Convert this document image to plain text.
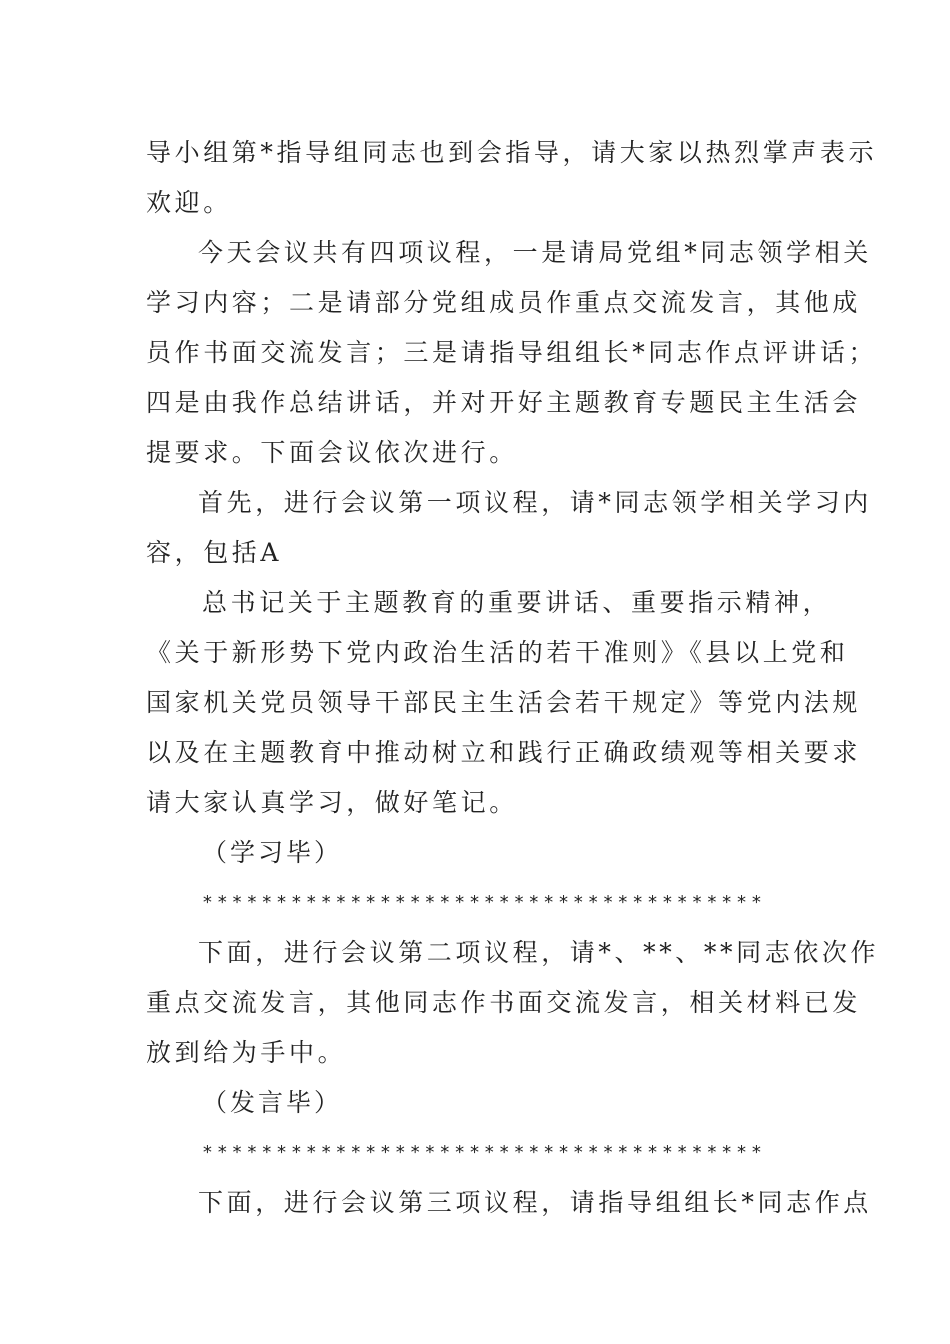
导小组第*指导组同志也到会指导，请大家以热烈掌声表示
欢迎。
今天会议共有四项议程，一是请局党组*同志领学相关
学习内容；二是请部分党组成员作重点交流发言，其他成
员作书面交流发言；三是请指导组组长*同志作点评讲话；
四是由我作总结讲话，并对开好主题教育专题民主生活会
提要求。下面会议依次进行。
首先，进行会议第一项议程，请*同志领学相关学习内
容，包括A
总书记关于主题教育的重要讲话、重要指示精神，
《关于新形势下党内政治生活的若干准则》《县以上党和
国家机关党员领导干部民主生活会若干规定》等党内法规
以及在主题教育中推动树立和践行正确政绩观等相关要求
请大家认真学习，做好笔记。
（学习毕）
**************************************
下面，进行会议第二项议程，请*、**、**同志依次作
重点交流发言，其他同志作书面交流发言，相关材料已发
放到给为手中。
（发言毕）
**************************************
下面，进行会议第三项议程，请指导组组长*同志作点
